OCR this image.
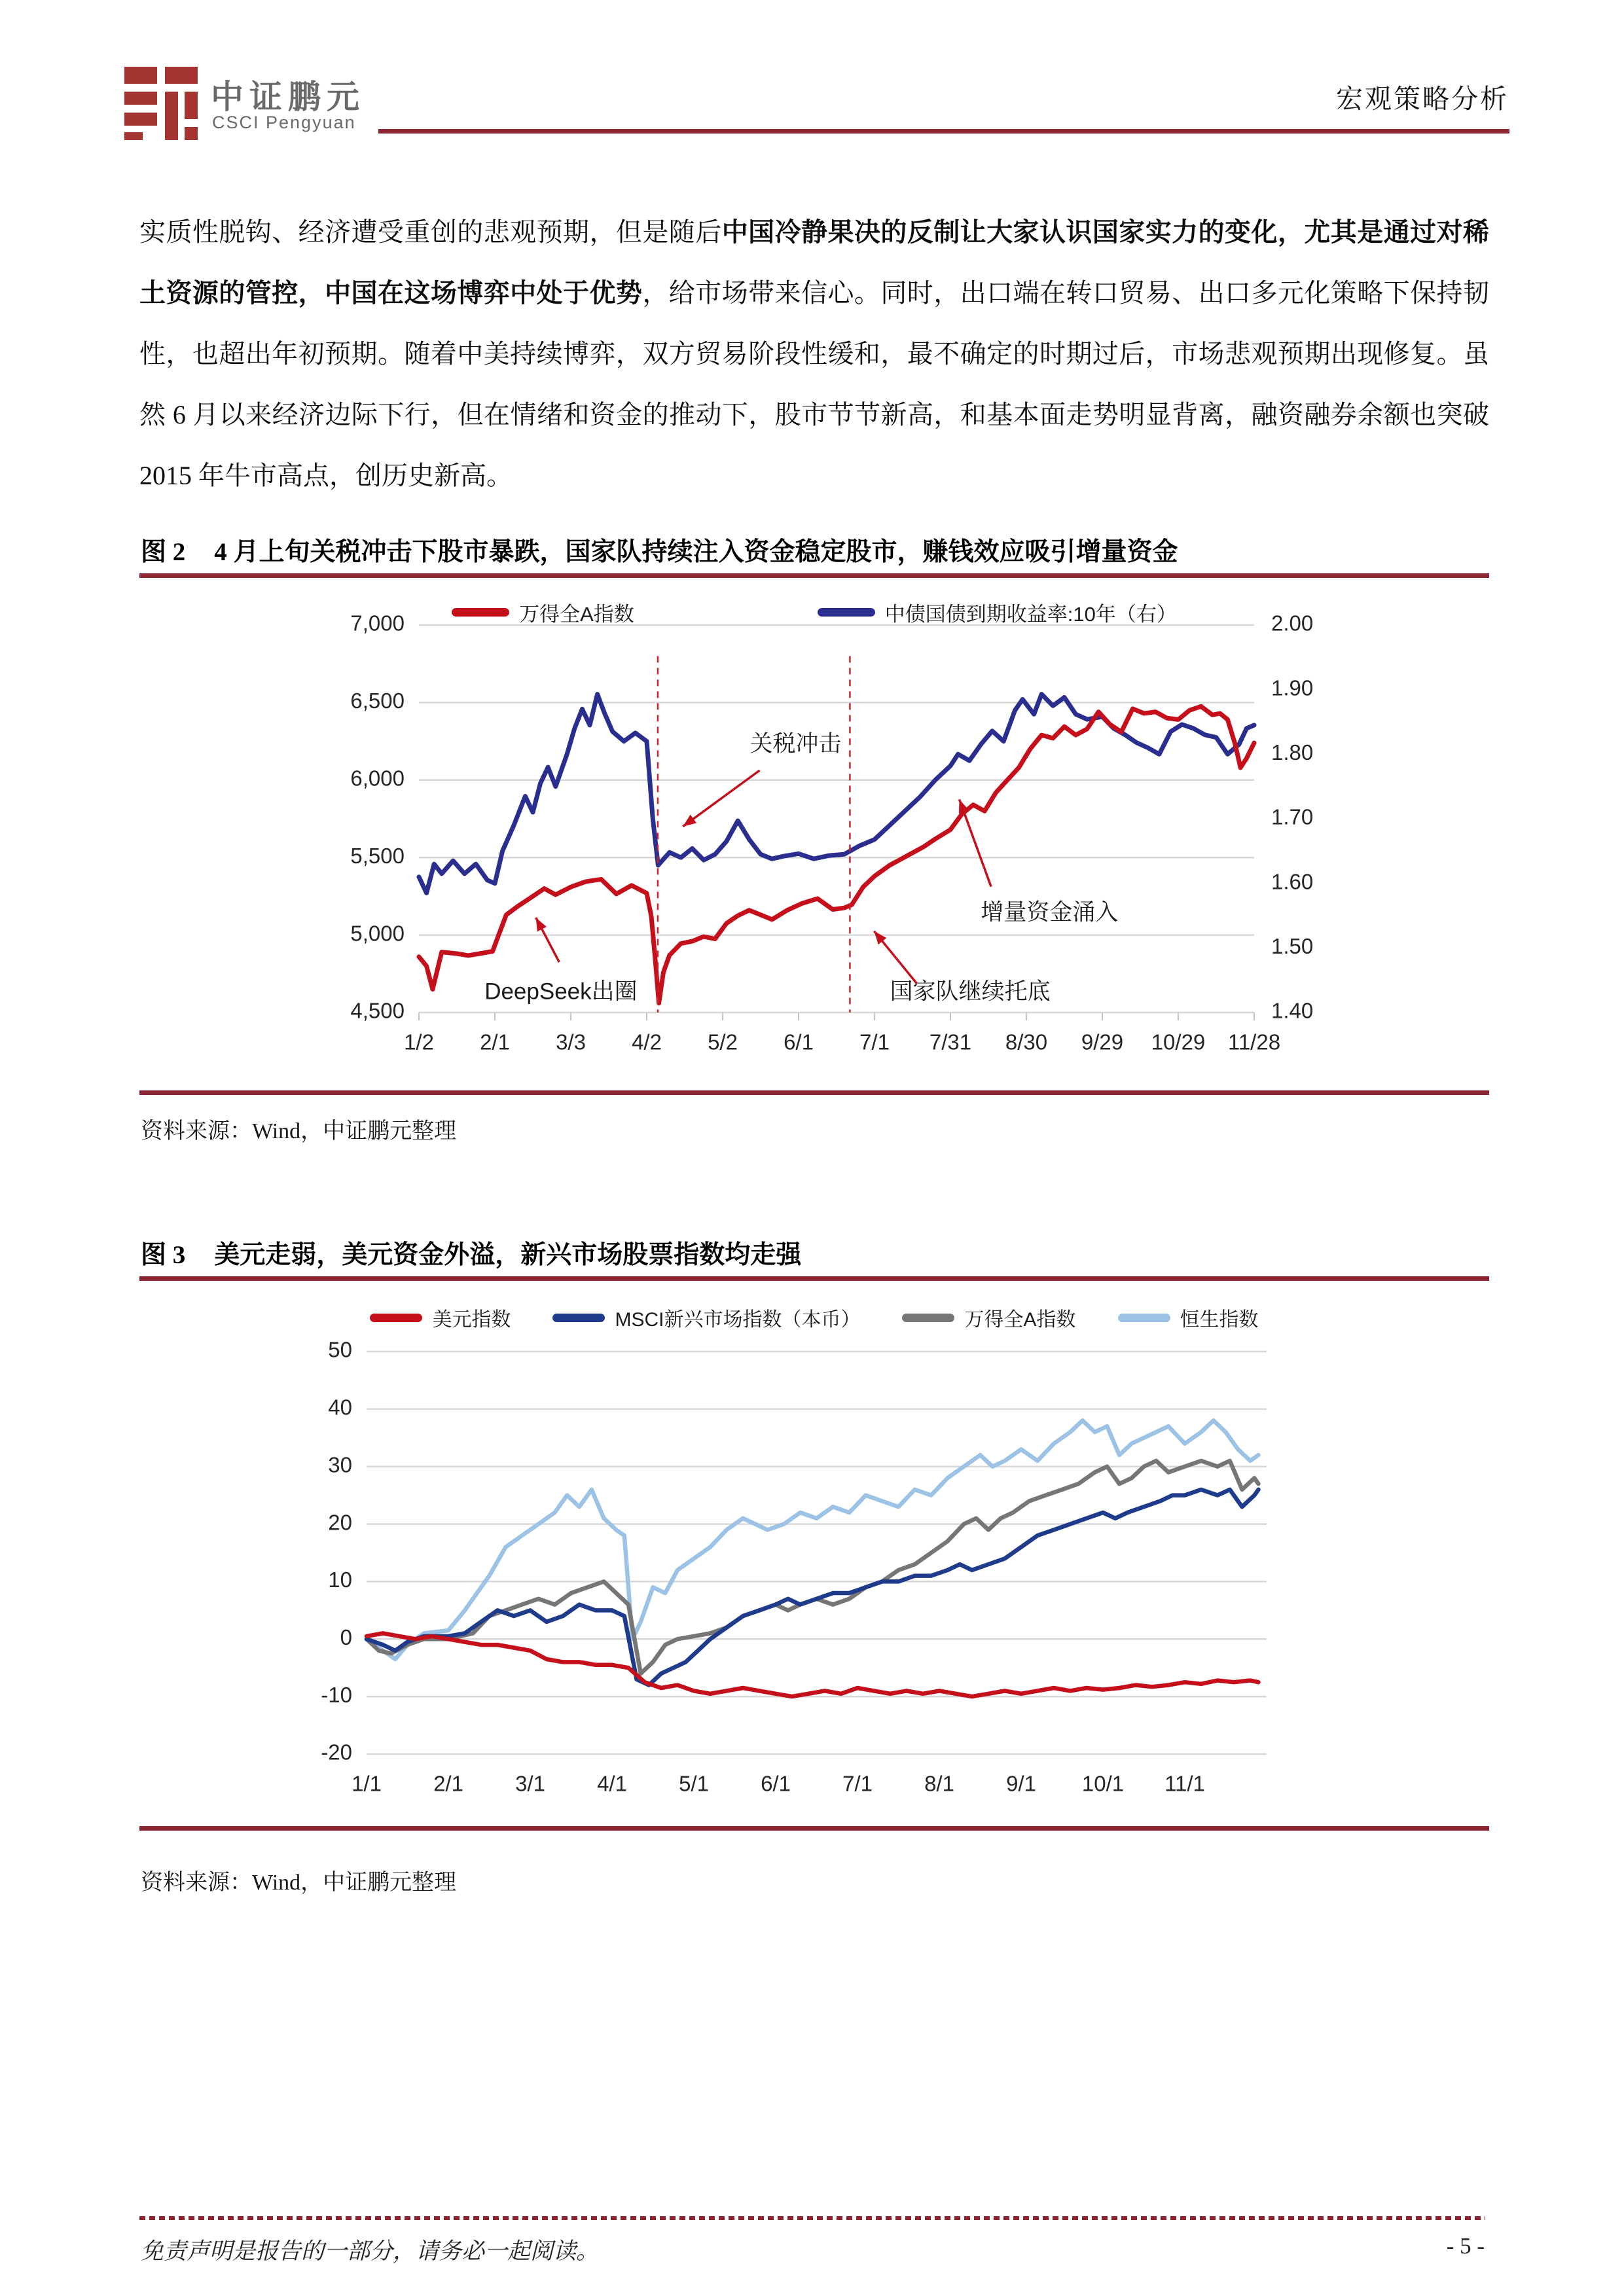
中证鹏元
CSCI Pengyuan
宏观策略分析
实质性脱钩、经济遭受重创的悲观预期，但是随后中国冷静果决的反制让大家认识国家实力的变化，尤其是通过对稀土资源的管控，中国在这场博弈中处于优势，给市场带来信心。同时，出口端在转口贸易、出口多元化策略下保持韧性，也超出年初预期。随着中美持续博弈，双方贸易阶段性缓和，最不确定的时期过后，市场悲观预期出现修复。虽然 6 月以来经济边际下行，但在情绪和资金的推动下，股市节节新高，和基本面走势明显背离，融资融券余额也突破 2015 年牛市高点，创历史新高。
图 2 4 月上旬关税冲击下股市暴跌，国家队持续注入资金稳定股市，赚钱效应吸引增量资金
万得全A指数	中债国债到期收益率:10年（右）
7,000
6,500
6,000
5,500
5,000
4,500
2.00
1.90
1.80
1.70
1.60
1.50
1.40
1/2 2/1 3/3 4/2 5/2 6/1 7/1 7/31 8/30 9/29 10/29 11/28
关税冲击
DeepSeek出圈	国家队继续托底
增量资金涌入
资料来源：Wind，中证鹏元整理
图 3 美元走弱，美元资金外溢，新兴市场股票指数均走强
美元指数	MSCI新兴市场指数（本币）	万得全A指数	恒生指数
50
40
30
20
10
0
-10
-20
1/1 2/1 3/1 4/1 5/1 6/1 7/1 8/1 9/1 10/1 11/1
资料来源：Wind，中证鹏元整理
免责声明是报告的一部分，请务必一起阅读。	- 5 -
